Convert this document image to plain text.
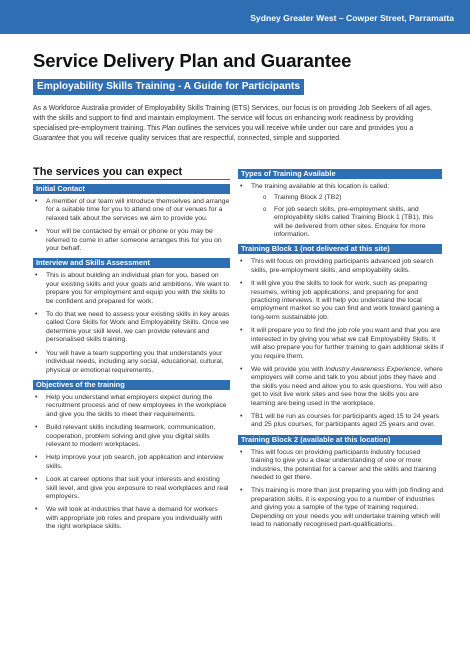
Sydney Greater West – Cowper Street, Parramatta
Service Delivery Plan and Guarantee
Employability Skills Training - A Guide for Participants

As a Workforce Australia provider of Employability Skills Training (ETS) Services, our focus is on providing Job Seekers of all ages, with the skills and support to find and maintain employment. The service will focus on enhancing work readiness by providing specialised pre-employment training. This Plan outlines the services you will receive while under our care and provides you a Guarantee that you will receive quality services that are respectful, connected, simple and supported.

The services you can expect
Initial Contact
• A member of our team will introduce themselves and arrange for a suitable time for you to attend one of our venues for a relaxed talk about the services we aim to provide you.
• Your will be contacted by email or phone or you may be referred to come in after someone arranges this for you on your behalf.
Interview and Skills Assessment
• This is about building an individual plan for you, based on your existing skills and your goals and ambitions. We want to prepare you for employment and equip you with the skills to be confident and prepared for work.
• To do that we need to assess your existing skills in key areas called Core Skills for Work and Employability Skills. Once we determine your skill level, we can provide relevant and personalised skills training.
• You will have a team supporting you that understands your individual needs, including any social, educational, cultural, physical or emotional requirements.
Objectives of the training
• Help you understand what employers expect during the recruitment process and of new employees in the workplace and give you the skills to meet their requirements.
• Build relevant skills including teamwork, communication, cooperation, problem solving and give you digital skills relevant to modern workplaces.
• Help improve your job search, job application and interview skills.
• Look at career options that suit your interests and existing skill level, and give you exposure to real workplaces and real employers.
• We will look at industries that have a demand for workers with appropriate job roles and prepare you individually with the right workplace skills.
Types of Training Available
• The training available at this location is called:
o Training Block 2 (TB2)
o For job search skills, pre-employment skills, and employability skills called Training Block 1 (TB1), this will be delivered from other sites. Enquire for more information.
Training Block 1 (not delivered at this site)
• This will focus on providing participants advanced job search skills, pre-employment skills, and employability skills.
• It will give you the skills to look for work, such as preparing resumes, writing job applications, and preparing for and practicing interviews. It will help you understand the local employment market so you can find and work toward gaining a long-term sustainable job.
• It will prepare you to find the job role you want and that you are interested in by giving you what we call Employability Skills. It will also prepare you for further training to gain additional skills if you require them.
• We will provide you with Industry Awareness Experience, where employers will come and talk to you about jobs they have and the skills you need and allow you to ask questions. You will also get to visit live work sites and see how the skills you are learning are being used in the workplace.
• TB1 will be run as courses for participants aged 15 to 24 years and 25 plus courses, for participants aged 25 years and over.
Training Block 2 (available at this location)
• This will focus on providing participants industry focused training to give you a clear understanding of one or more industries, the potential for a career and the skills and training needed to get there.
• This training is more than just preparing you with job finding and preparation skills, it is exposing you to a number of industries and giving you a sample of the type of training required. Depending on your needs you will undertake training which will lead to nationally recognised part-qualifications.
